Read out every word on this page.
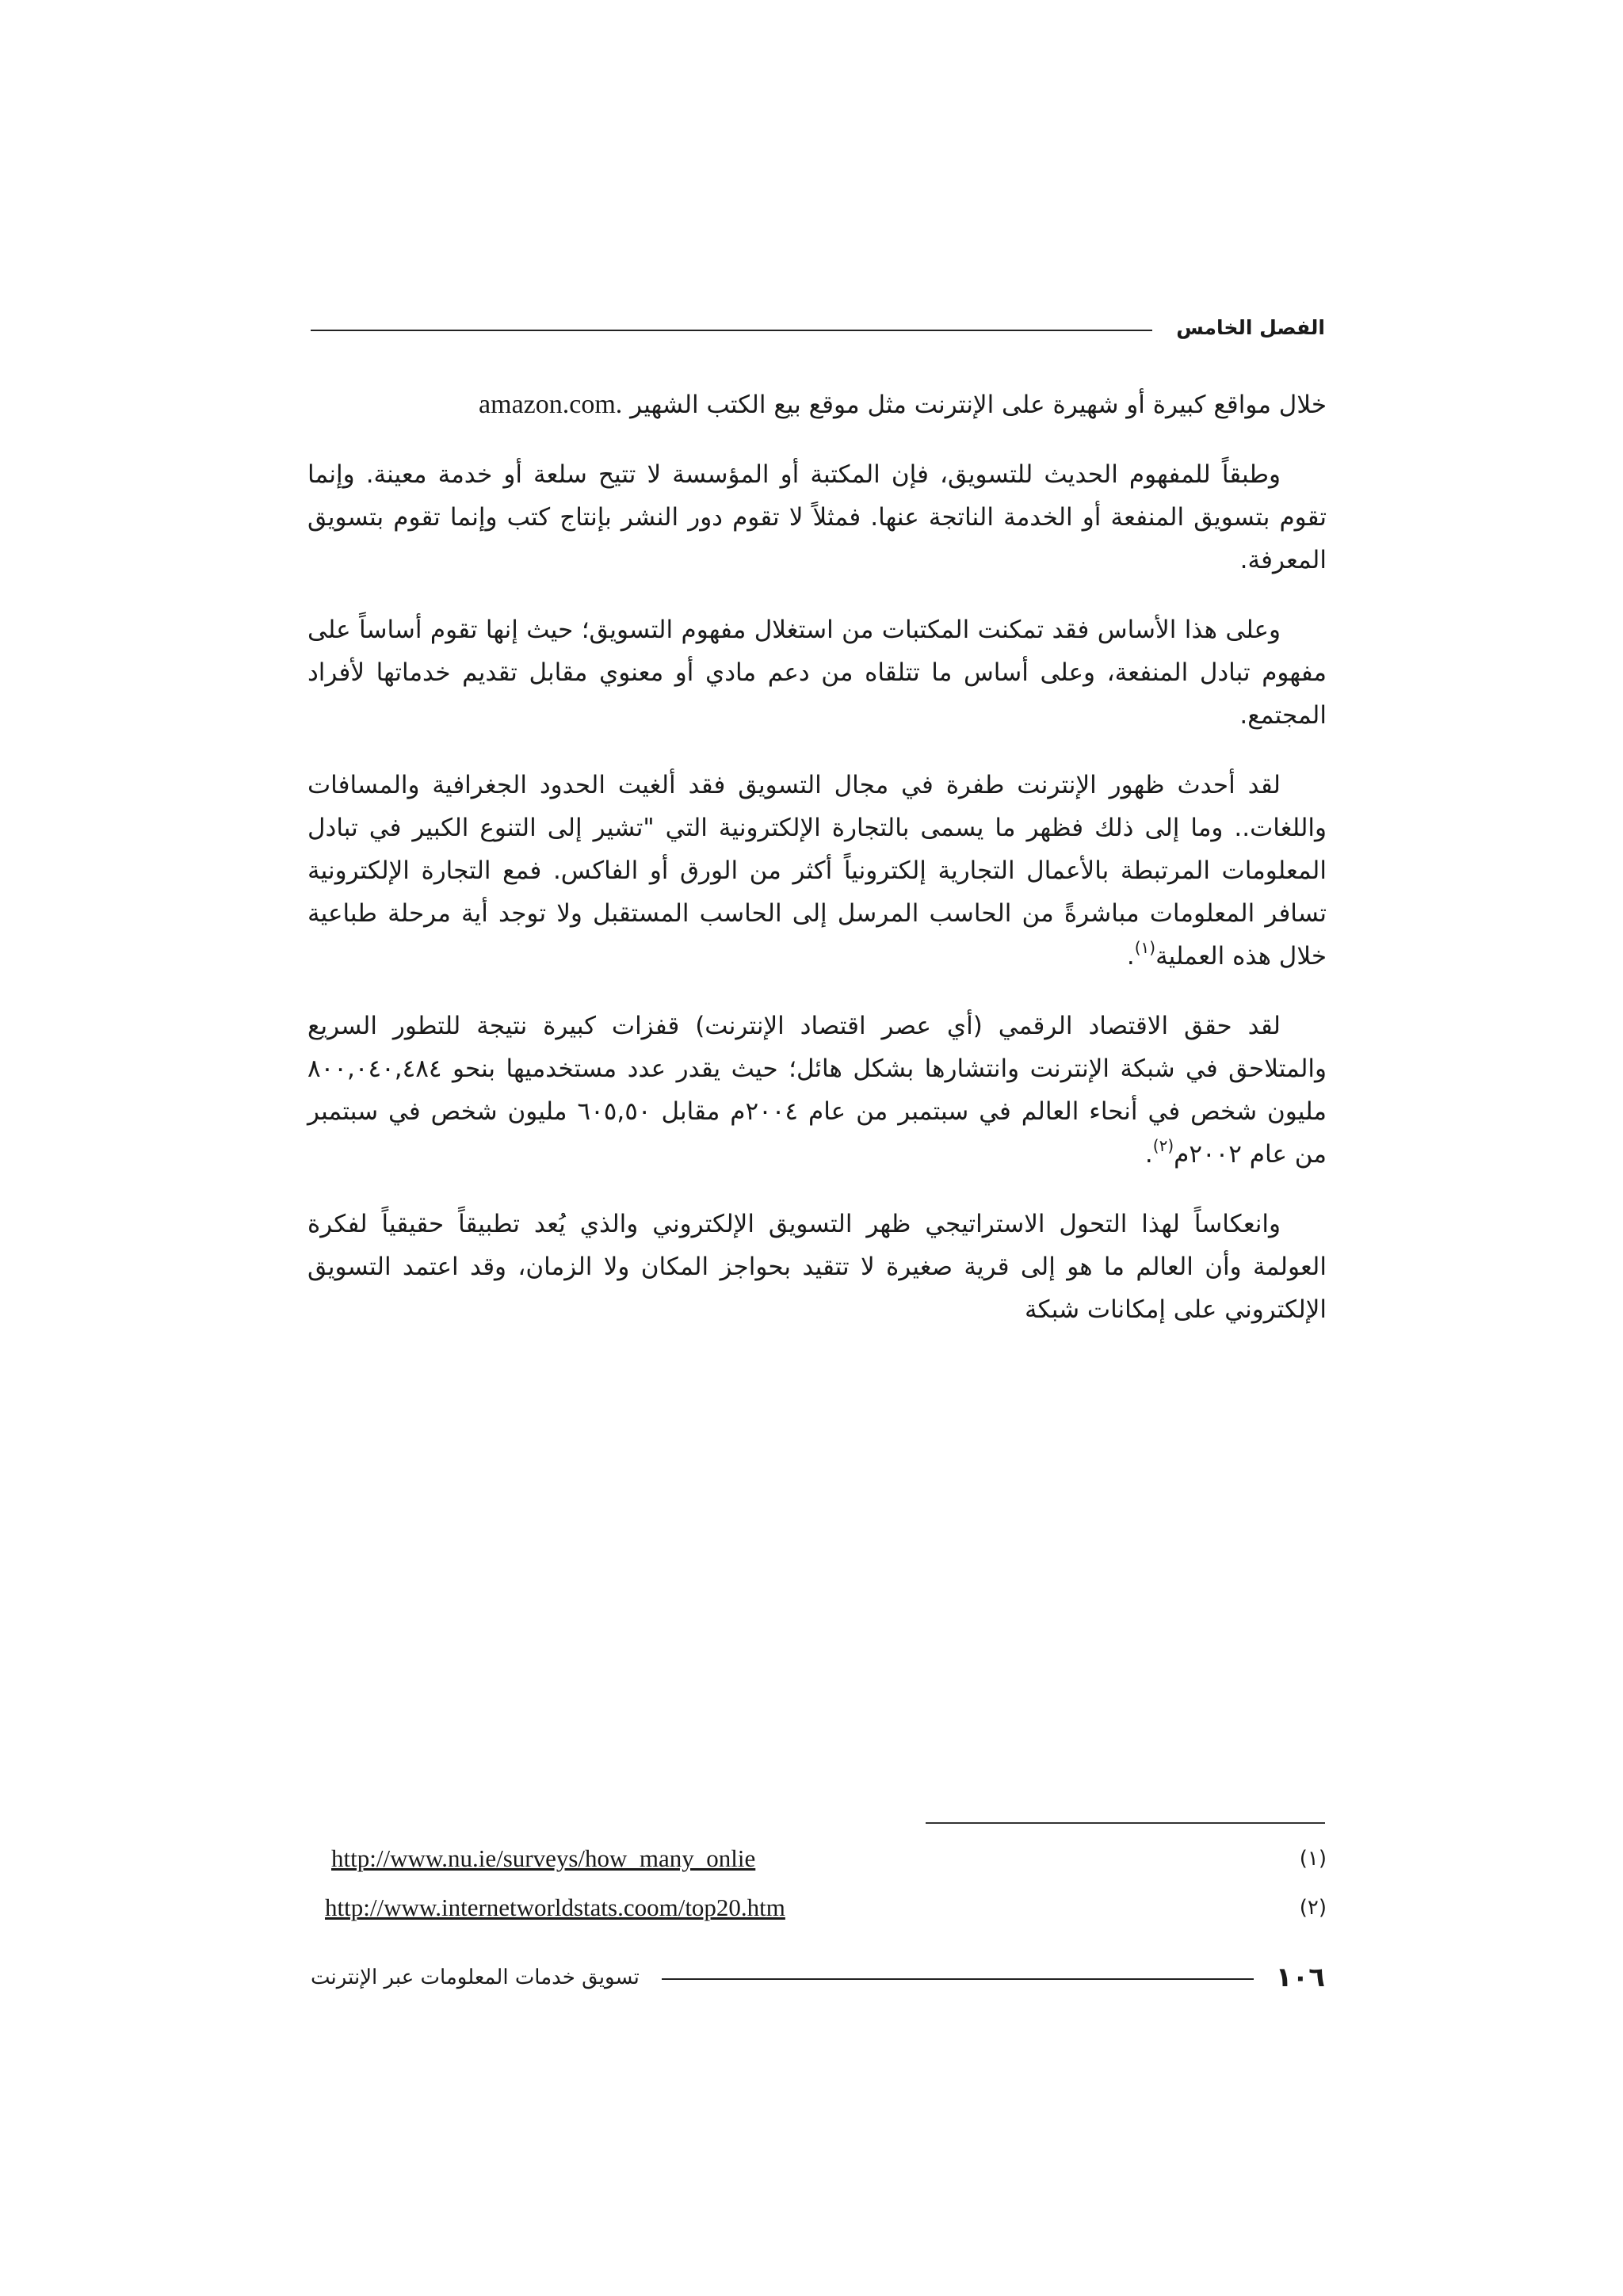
الفصل الخامس

خلال مواقع كبيرة أو شهيرة على الإنترنت مثل موقع بيع الكتب الشهير amazon.com.

وطبقاً للمفهوم الحديث للتسويق، فإن المكتبة أو المؤسسة لا تتيح سلعة أو خدمة معينة. وإنما تقوم بتسويق المنفعة أو الخدمة الناتجة عنها. فمثلاً لا تقوم دور النشر بإنتاج كتب وإنما تقوم بتسويق المعرفة.

وعلى هذا الأساس فقد تمكنت المكتبات من استغلال مفهوم التسويق؛ حيث إنها تقوم أساساً على مفهوم تبادل المنفعة، وعلى أساس ما تتلقاه من دعم مادي أو معنوي مقابل تقديم خدماتها لأفراد المجتمع.

لقد أحدث ظهور الإنترنت طفرة في مجال التسويق فقد ألغيت الحدود الجغرافية والمسافات واللغات.. وما إلى ذلك فظهر ما يسمى بالتجارة الإلكترونية التي "تشير إلى التنوع الكبير في تبادل المعلومات المرتبطة بالأعمال التجارية إلكترونياً أكثر من الورق أو الفاكس. فمع التجارة الإلكترونية تسافر المعلومات مباشرةً من الحاسب المرسل إلى الحاسب المستقبل ولا توجد أية مرحلة طباعية خلال هذه العملية$^{(١)}$.

لقد حقق الاقتصاد الرقمي (أي عصر اقتصاد الإنترنت) قفزات كبيرة نتيجة للتطور السريع والمتلاحق في شبكة الإنترنت وانتشارها بشكل هائل؛ حيث يقدر عدد مستخدميها بنحو ٨٠٠,٠٤٠,٤٨٤ مليون شخص في أنحاء العالم في سبتمبر من عام ٢٠٠٤م مقابل ٦٠٥,٥٠ مليون شخص في سبتمبر من عام ٢٠٠٢م$^{(٢)}$.

وانعكاساً لهذا التحول الاستراتيجي ظهر التسويق الإلكتروني والذي يُعد تطبيقاً حقيقياً لفكرة العولمة وأن العالم ما هو إلى قرية صغيرة لا تتقيد بحواجز المكان ولا الزمان، وقد اعتمد التسويق الإلكتروني على إمكانات شبكة

(١)
http://www.nu.ie/surveys/how_many_onlie
(٢)
http://www.internetworldstats.coom/top20.htm
١٠٦
تسويق خدمات المعلومات عبر الإنترنت
